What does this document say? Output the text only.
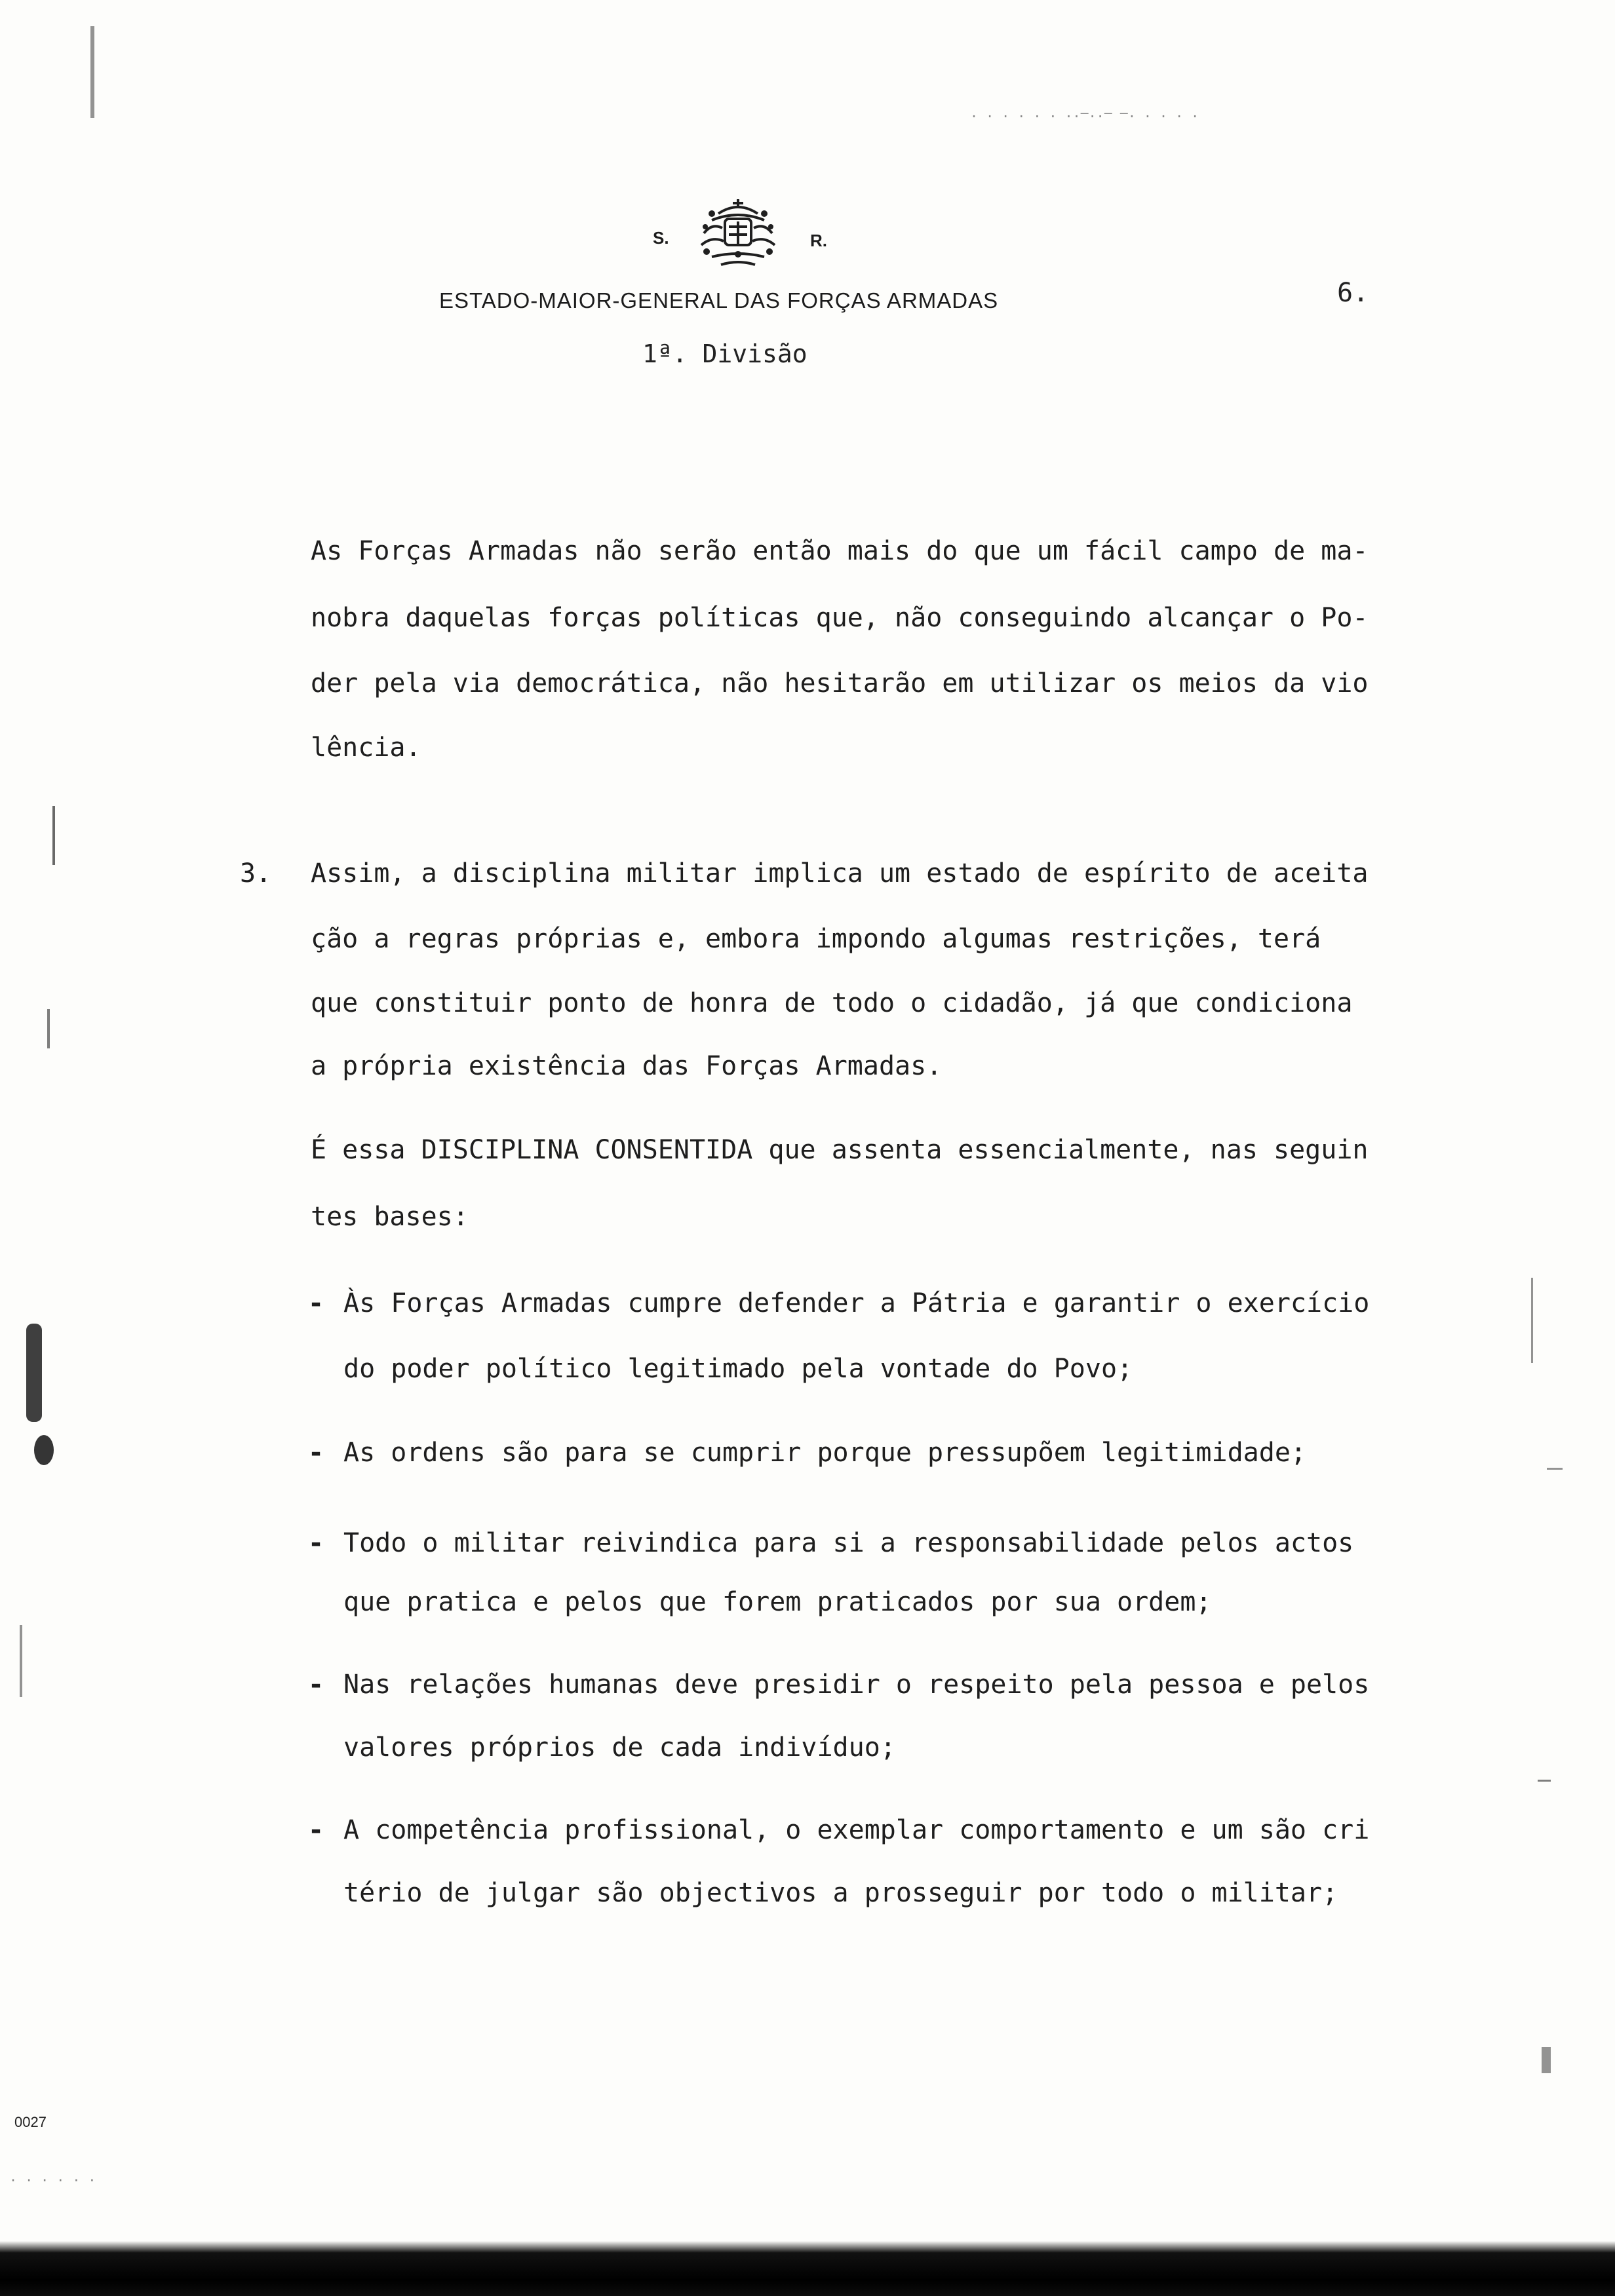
S.	R.
ESTADO-MAIOR-GENERAL DAS FORÇAS ARMADAS	6.
1ª. Divisão
As Forças Armadas não serão então mais do que um fácil campo de ma-
nobra daquelas forças políticas que, não conseguindo alcançar o Po-
der pela via democrática, não hesitarão em utilizar os meios da vio
lência.
3. Assim, a disciplina militar implica um estado de espírito de aceita
ção a regras próprias e, embora impondo algumas restrições, terá
que constituir ponto de honra de todo o cidadão, já que condiciona
a própria existência das Forças Armadas.
É essa DISCIPLINA CONSENTIDA que assenta essencialmente, nas seguin
tes bases:
- Às Forças Armadas cumpre defender a Pátria e garantir o exercício
do poder político legitimado pela vontade do Povo;
- As ordens são para se cumprir porque pressupõem legitimidade;
- Todo o militar reivindica para si a responsabilidade pelos actos
que pratica e pelos que forem praticados por sua ordem;
- Nas relações humanas deve presidir o respeito pela pessoa e pelos
valores próprios de cada indivíduo;
- A competência profissional, o exemplar comportamento e um são cri
tério de julgar são objectivos a prosseguir por todo o militar;
0027
. . . . . . ..—..— —. . . . .
. . . . . .
